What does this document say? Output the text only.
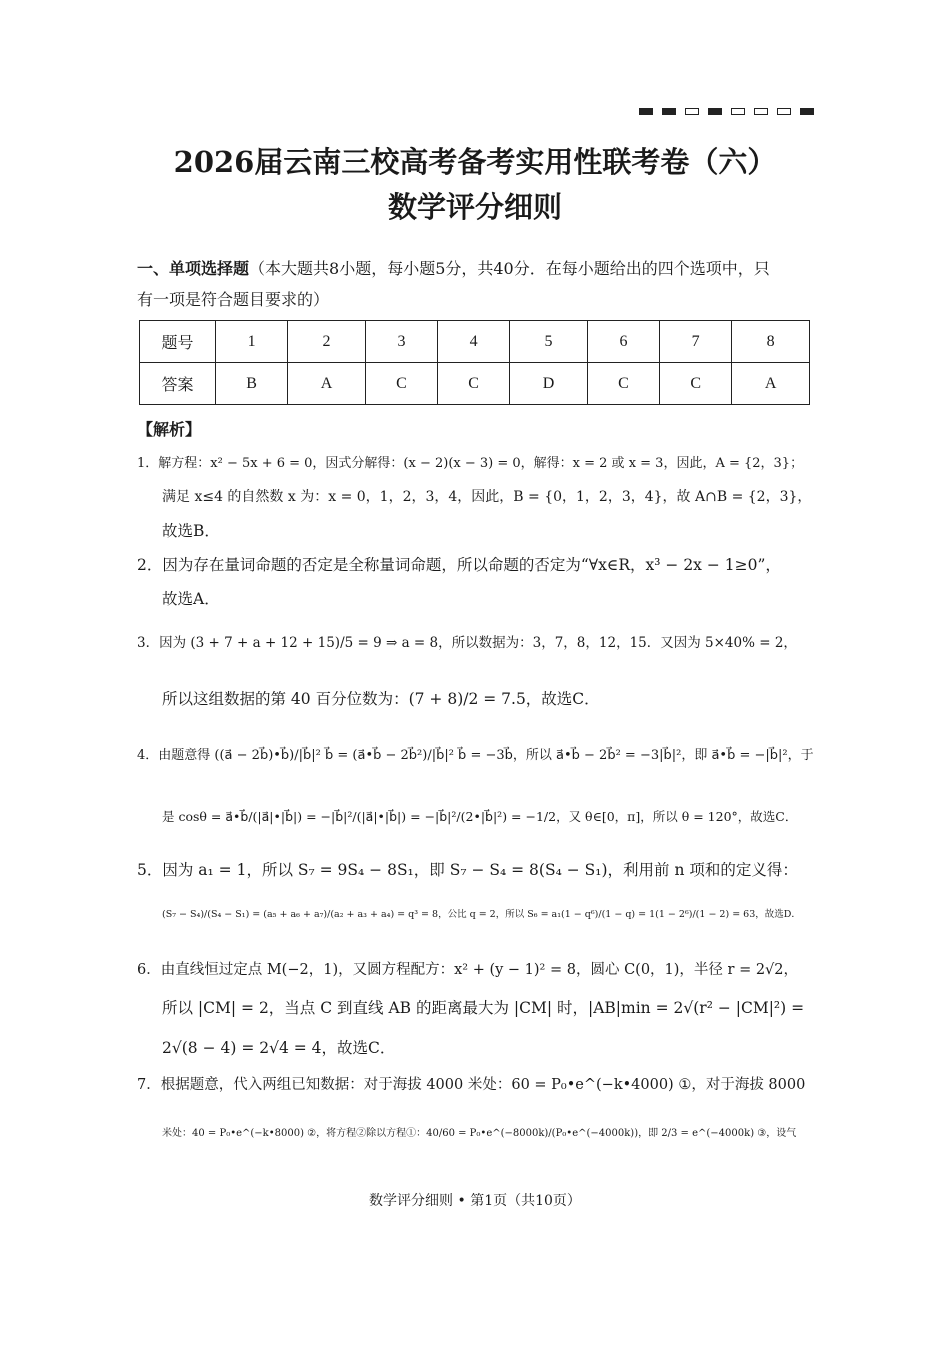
2026届云南三校高考备考实用性联考卷（六）
数学评分细则
一、单项选择题（本大题共8小题，每小题5分，共40分．在每小题给出的四个选项中，只
有一项是符合题目要求的）
题号	1	2	3	4	5	6	7	8
答案	B	A	C	C	D	C	C	A
【解析】
1．解方程：x² − 5x + 6 = 0，因式分解得：(x − 2)(x − 3) = 0，解得：x = 2 或 x = 3，因此，A = {2，3}；
满足 x≤4 的自然数 x 为：x = 0，1，2，3，4，因此，B = {0，1，2，3，4}，故 A∩B = {2，3}，
故选B．
2．因为存在量词命题的否定是全称量词命题，所以命题的否定为“∀x∈R，x³ − 2x − 1≥0”，
故选A．
3．因为 (3 + 7 + a + 12 + 15)/5 = 9 ⇒ a = 8，所以数据为：3，7，8，12，15．又因为 5×40% = 2，
所以这组数据的第 40 百分位数为：(7 + 8)/2 = 7.5，故选C．
4．由题意得 ((a⃗ − 2b⃗)•b⃗)/|b⃗|² b⃗ = (a⃗•b⃗ − 2b⃗²)/|b⃗|² b⃗ = −3b⃗，所以 a⃗•b⃗ − 2b⃗² = −3|b⃗|²，即 a⃗•b⃗ = −|b⃗|²，于
是 cosθ = a⃗•b⃗/(|a⃗|•|b⃗|) = −|b⃗|²/(|a⃗|•|b⃗|) = −|b⃗|²/(2•|b⃗|²) = −1/2，又 θ∈[0，π]，所以 θ = 120°，故选C．
5．因为 a₁ = 1，所以 S₇ = 9S₄ − 8S₁，即 S₇ − S₄ = 8(S₄ − S₁)，利用前 n 项和的定义得：
(S₇ − S₄)/(S₄ − S₁) = (a₅ + a₆ + a₇)/(a₂ + a₃ + a₄) = q³ = 8，公比 q = 2，所以 S₆ = a₁(1 − q⁶)/(1 − q) = 1(1 − 2⁶)/(1 − 2) = 63，故选D．
6．由直线恒过定点 M(−2，1)，又圆方程配方：x² + (y − 1)² = 8，圆心 C(0，1)，半径 r = 2√2，
所以 |CM| = 2，当点 C 到直线 AB 的距离最大为 |CM| 时，|AB|min = 2√(r² − |CM|²) =
2√(8 − 4) = 2√4 = 4，故选C．
7．根据题意，代入两组已知数据：对于海拔 4000 米处：60 = P₀•e^(−k•4000) ①，对于海拔 8000
米处：40 = P₀•e^(−k•8000) ②，将方程②除以方程①：40/60 = P₀•e^(−8000k)/(P₀•e^(−4000k))，即 2/3 = e^(−4000k) ③，设气
数学评分细则 • 第1页（共10页）
